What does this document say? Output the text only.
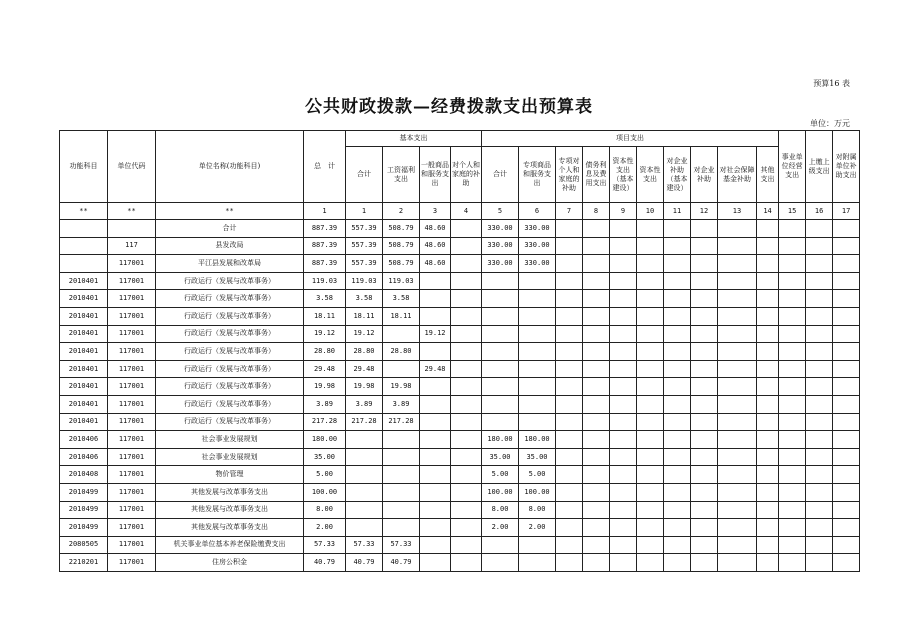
预算16 表
公共财政拨款—经费拨款支出预算表
单位：万元
功能科目	单位代码	单位名称(功能科目)	总　计	基本支出				项目支出										事业单位经营支出	上缴上级支出	对附属单位补助支出
				合计	工资福利支出	一般商品和服务支出	对个人和家庭的补助	合计	专项商品和服务支出	专项对个人和家庭的补助	债务利息及费用支出	资本性支出（基本建设）	资本性支出	对企业补助（基本建设）	对企业补助	对社会保障基金补助	其他支出			
**	**	**	1	1	2	3	4	5	6	7	8	9	10	11	12	13	14	15	16	17
		合计	887.39	557.39	508.79	48.60		330.00	330.00											
	117	县发改局	887.39	557.39	508.79	48.60		330.00	330.00											
	117001	平江县发展和改革局	887.39	557.39	508.79	48.60		330.00	330.00											
2010401	117001	行政运行（发展与改革事务）	119.03	119.03	119.03															
2010401	117001	行政运行（发展与改革事务）	3.58	3.58	3.58															
2010401	117001	行政运行（发展与改革事务）	18.11	18.11	18.11															
2010401	117001	行政运行（发展与改革事务）	19.12	19.12		19.12														
2010401	117001	行政运行（发展与改革事务）	28.80	28.80	28.80															
2010401	117001	行政运行（发展与改革事务）	29.48	29.48		29.48														
2010401	117001	行政运行（发展与改革事务）	19.98	19.98	19.98															
2010401	117001	行政运行（发展与改革事务）	3.89	3.89	3.89															
2010401	117001	行政运行（发展与改革事务）	217.28	217.28	217.28															
2010406	117001	社会事业发展规划	180.00					180.00	180.00											
2010406	117001	社会事业发展规划	35.00					35.00	35.00											
2010408	117001	物价管理	5.00					5.00	5.00											
2010499	117001	其他发展与改革事务支出	100.00					100.00	100.00											
2010499	117001	其他发展与改革事务支出	8.00					8.00	8.00											
2010499	117001	其他发展与改革事务支出	2.00					2.00	2.00											
2080505	117001	机关事业单位基本养老保险缴费支出	57.33	57.33	57.33															
2210201	117001	住房公积金	40.79	40.79	40.79															
